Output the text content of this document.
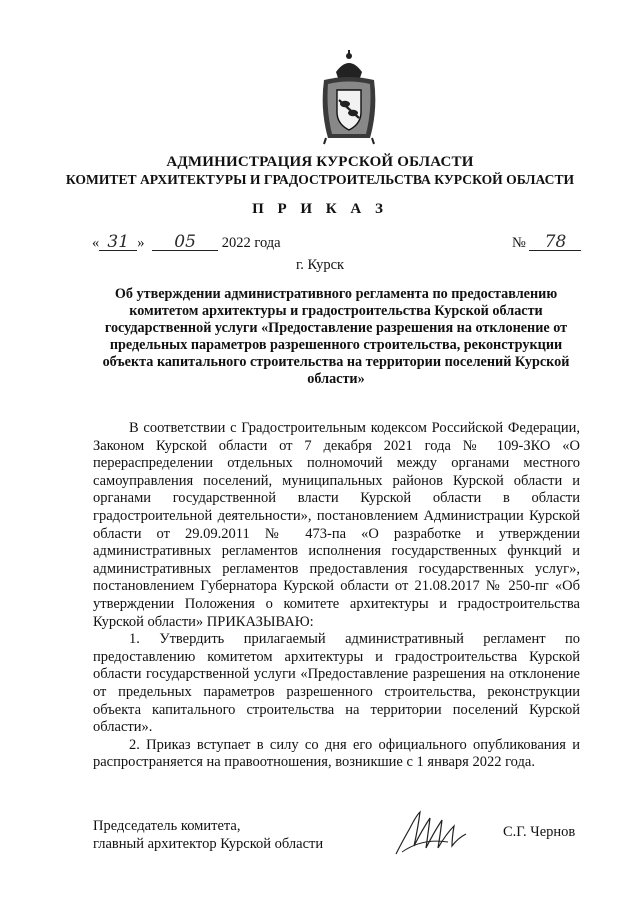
АДМИНИСТРАЦИЯ КУРСКОЙ ОБЛАСТИ
КОМИТЕТ АРХИТЕКТУРЫ И ГРАДОСТРОИТЕЛЬСТВА КУРСКОЙ ОБЛАСТИ
П Р И К А З
« 31 » 05 2022 года	№ 78
г. Курск
Об утверждении административного регламента по предоставлению комитетом архитектуры и градостроительства Курской области государственной услуги «Предоставление разрешения на отклонение от предельных параметров разрешенного строительства, реконструкции объекта капитального строительства на территории поселений Курской области»

В соответствии с Градостроительным кодексом Российской Федерации, Законом Курской области от 7 декабря 2021 года № 109-ЗКО «О перераспределении отдельных полномочий между органами местного самоуправления поселений, муниципальных районов Курской области и органами государственной власти Курской области в области градостроительной деятельности», постановлением Администрации Курской области от 29.09.2011 № 473-па «О разработке и утверждении административных регламентов исполнения государственных функций и административных регламентов предоставления государственных услуг», постановлением Губернатора Курской области от 21.08.2017 № 250-пг «Об утверждении Положения о комитете архитектуры и градостроительства Курской области» ПРИКАЗЫВАЮ:

1. Утвердить прилагаемый административный регламент по предоставлению комитетом архитектуры и градостроительства Курской области государственной услуги «Предоставление разрешения на отклонение от предельных параметров разрешенного строительства, реконструкции объекта капитального строительства на территории поселений Курской области».

2. Приказ вступает в силу со дня его официального опубликования и распространяется на правоотношения, возникшие с 1 января 2022 года.

Председатель комитета,
главный архитектор Курской области
С.Г. Чернов
